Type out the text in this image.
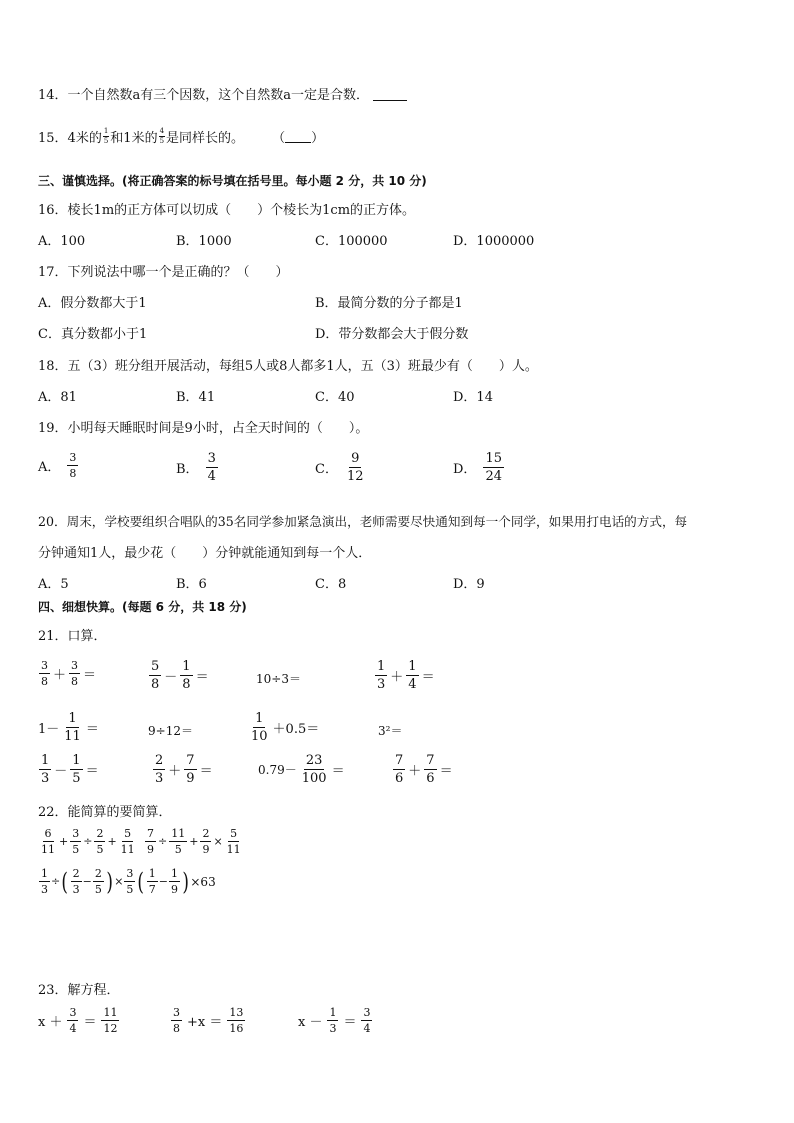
14．一个自然数a有三个因数，这个自然数a一定是合数．
15．4米的 $\frac{1}{5}$ 和1米的 $\frac{4}{5}$ 是同样长的。 （ ）
三、谨慎选择。(将正确答案的标号填在括号里。每小题 2 分，共 10 分)
16．棱长1m的正方体可以切成（　　）个棱长为1cm的正方体。
A．100	B．1000	C．100000	D．1000000
17．下列说法中哪一个是正确的？（　　）
A．假分数都大于1	B．最简分数的分子都是1
C．真分数都小于1	D．带分数都会大于假分数
18．五（3）班分组开展活动，每组5人或8人都多1人，五（3）班最少有（　　）人。
A．81	B．41	C．40	D．14
19．小明每天睡眠时间是9小时，占全天时间的（　　）。
A． $\frac{3}{8}$	B． $\frac{3}{4}$	C． $\frac{9}{12}$	D． $\frac{15}{24}$
20．周末，学校要组织合唱队的35名同学参加紧急演出，老师需要尽快通知到每一个同学，如果用打电话的方式，每
分钟通知1人，最少花（　　）分钟就能通知到每一个人．
A．5	B．6	C．8	D．9
四、细想快算。(每题 6 分，共 18 分)
21．口算．
$\frac{3}{8} + \frac{3}{8}$ ＝	$\frac{5}{8} - \frac{1}{8}$ ＝	10÷3＝	$\frac{1}{3} + \frac{1}{4}$ ＝
$1- \frac{1}{11}$ ＝	9÷12＝	$\frac{1}{10} +0.5=$	3²＝
$\frac{1}{3} - \frac{1}{5}$ ＝	$\frac{2}{3} + \frac{7}{9}$ ＝	$0.79- \frac{23}{100}$ ＝	$\frac{7}{6} + \frac{7}{6}$ ＝
22．能简算的要简算．
$\frac{6}{11} + \frac{3}{5} \div \frac{2}{5} + \frac{5}{11} \frac{7}{9} \div \frac{11}{5} + \frac{2}{9} \times \frac{5}{11}$
$\frac{1}{3}$ ÷ ( $\frac{2}{3} - \frac{2}{5}$ ) × $\frac{3}{5}$ ( $\frac{1}{7} - \frac{1}{9}$ ) ×63
23．解方程．
$x + \frac{3}{4} = \frac{11}{12}$	$\frac{3}{8} +x = \frac{13}{16}$	$x - \frac{1}{3} = \frac{3}{4}$
